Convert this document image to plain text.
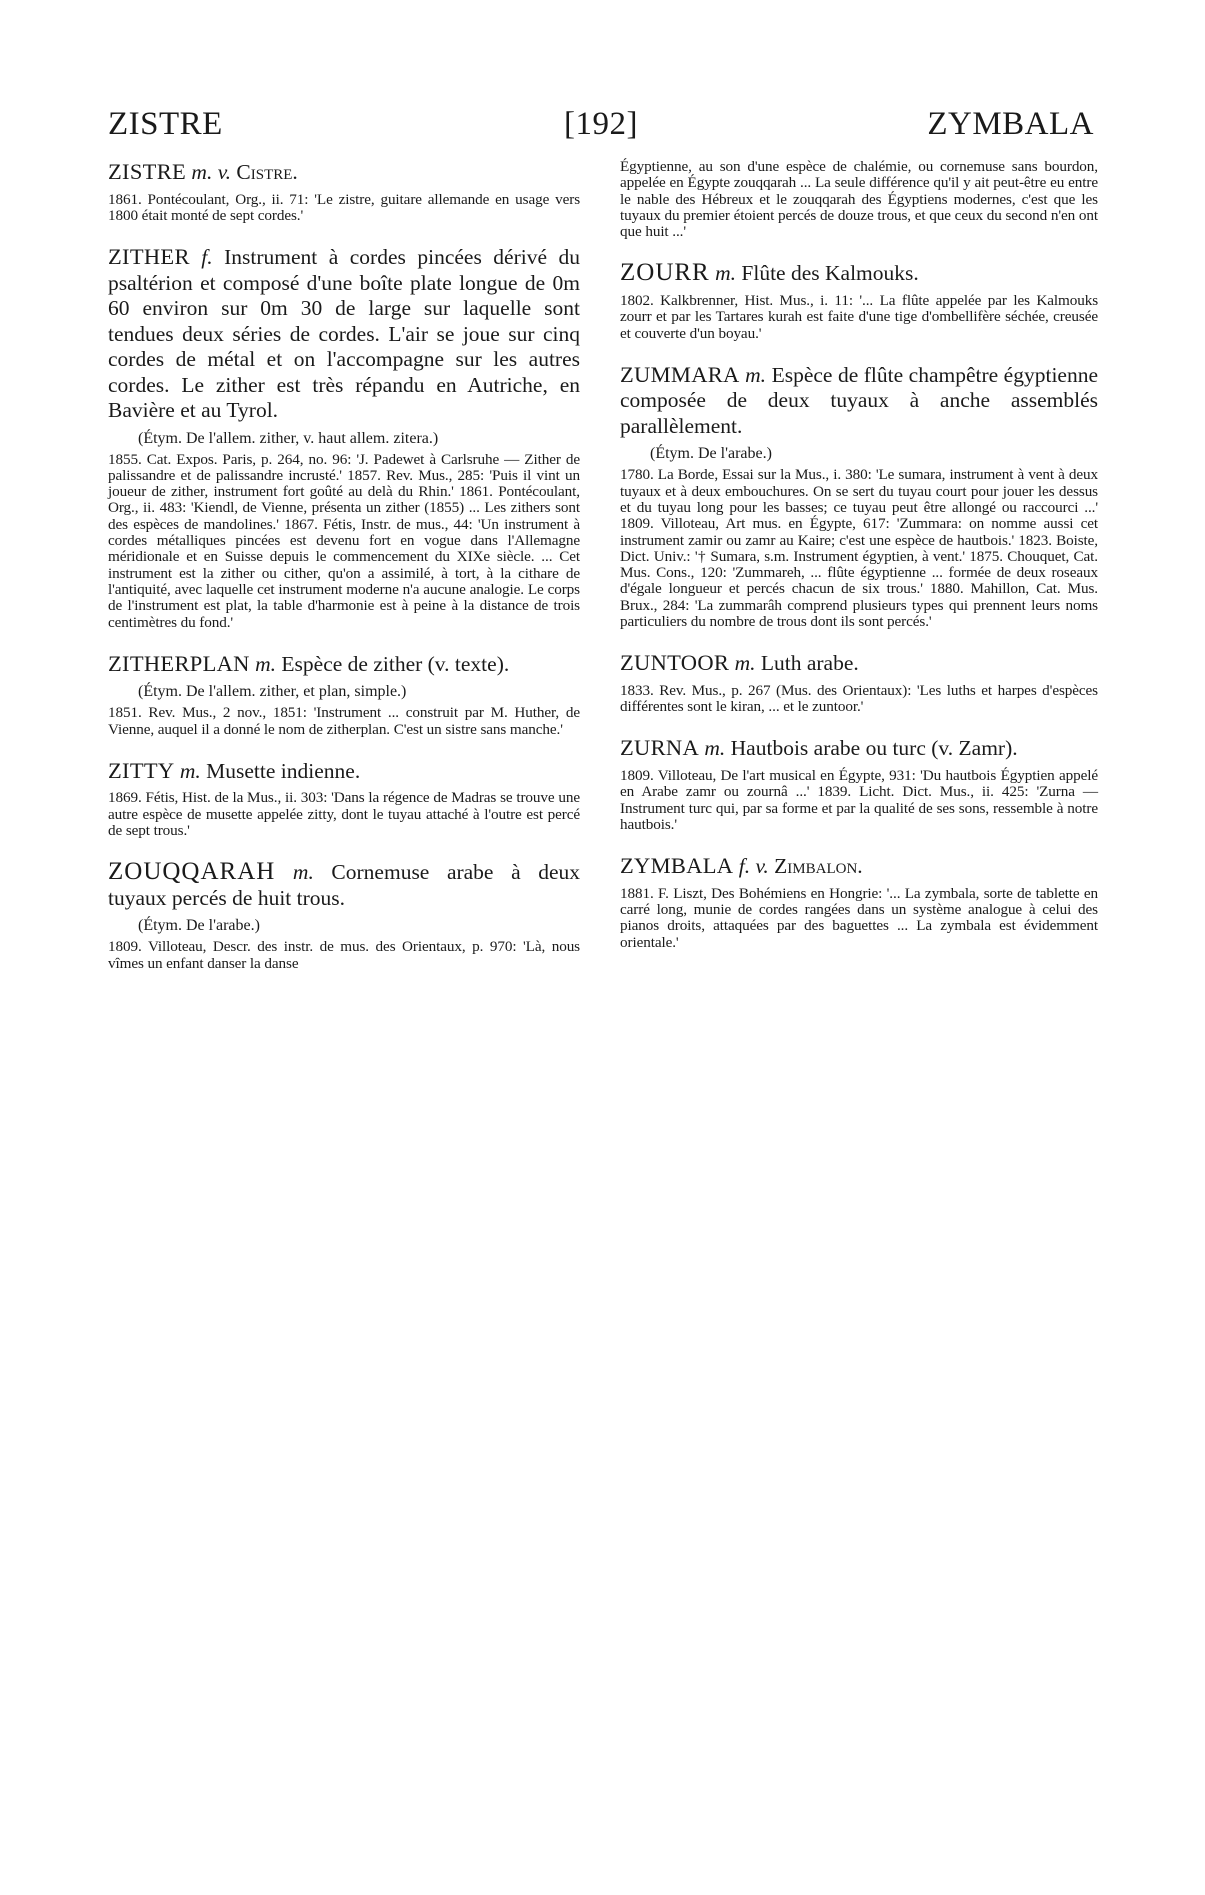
ZISTRE	[192]	ZYMBALA

ZISTRE m. v. Cistre.

1861. Pontécoulant, Org., ii. 71: 'Le zistre, guitare allemande en usage vers 1800 était monté de sept cordes.'

ZITHER f. Instrument à cordes pincées dérivé du psaltérion et composé d'une boîte plate longue de 0m 60 environ sur 0m 30 de large sur laquelle sont tendues deux séries de cordes. L'air se joue sur cinq cordes de métal et on l'accompagne sur les autres cordes. Le zither est très répandu en Autriche, en Bavière et au Tyrol.

(Étym. De l'allem. zither, v. haut allem. zitera.)

1855. Cat. Expos. Paris, p. 264, no. 96: 'J. Padewet à Carlsruhe — Zither de palissandre et de palissandre incrusté.' 1857. Rev. Mus., 285: 'Puis il vint un joueur de zither, instrument fort goûté au delà du Rhin.' 1861. Pontécoulant, Org., ii. 483: 'Kiendl, de Vienne, présenta un zither (1855) ... Les zithers sont des espèces de mandolines.' 1867. Fétis, Instr. de mus., 44: 'Un instrument à cordes métalliques pincées est devenu fort en vogue dans l'Allemagne méridionale et en Suisse depuis le commencement du XIXe siècle. ... Cet instrument est la zither ou cither, qu'on a assimilé, à tort, à la cithare de l'antiquité, avec laquelle cet instrument moderne n'a aucune analogie. Le corps de l'instrument est plat, la table d'harmonie est à peine à la distance de trois centimètres du fond.'

ZITHERPLAN m. Espèce de zither (v. texte).

(Étym. De l'allem. zither, et plan, simple.)

1851. Rev. Mus., 2 nov., 1851: 'Instrument ... construit par M. Huther, de Vienne, auquel il a donné le nom de zitherplan. C'est un sistre sans manche.'

ZITTY m. Musette indienne.

1869. Fétis, Hist. de la Mus., ii. 303: 'Dans la régence de Madras se trouve une autre espèce de musette appelée zitty, dont le tuyau attaché à l'outre est percé de sept trous.'

ZOUQQARAH m. Cornemuse arabe à deux tuyaux percés de huit trous.

(Étym. De l'arabe.)

1809. Villoteau, Descr. des instr. de mus. des Orientaux, p. 970: 'Là, nous vîmes un enfant danser la danse

Égyptienne, au son d'une espèce de chalémie, ou cornemuse sans bourdon, appelée en Égypte zouqqarah ... La seule différence qu'il y ait peut-être eu entre le nable des Hébreux et le zouqqarah des Égyptiens modernes, c'est que les tuyaux du premier étoient percés de douze trous, et que ceux du second n'en ont que huit ...'

ZOURR m. Flûte des Kalmouks.

1802. Kalkbrenner, Hist. Mus., i. 11: '... La flûte appelée par les Kalmouks zourr et par les Tartares kurah est faite d'une tige d'ombellifère séchée, creusée et couverte d'un boyau.'

ZUMMARA m. Espèce de flûte champêtre égyptienne composée de deux tuyaux à anche assemblés parallèlement.

(Étym. De l'arabe.)

1780. La Borde, Essai sur la Mus., i. 380: 'Le sumara, instrument à vent à deux tuyaux et à deux embouchures. On se sert du tuyau court pour jouer les dessus et du tuyau long pour les basses; ce tuyau peut être allongé ou raccourci ...' 1809. Villoteau, Art mus. en Égypte, 617: 'Zummara: on nomme aussi cet instrument zamir ou zamr au Kaire; c'est une espèce de hautbois.' 1823. Boiste, Dict. Univ.: '† Sumara, s.m. Instrument égyptien, à vent.' 1875. Chouquet, Cat. Mus. Cons., 120: 'Zummareh, ... flûte égyptienne ... formée de deux roseaux d'égale longueur et percés chacun de six trous.' 1880. Mahillon, Cat. Mus. Brux., 284: 'La zummarâh comprend plusieurs types qui prennent leurs noms particuliers du nombre de trous dont ils sont percés.'

ZUNTOOR m. Luth arabe.

1833. Rev. Mus., p. 267 (Mus. des Orientaux): 'Les luths et harpes d'espèces différentes sont le kiran, ... et le zuntoor.'

ZURNA m. Hautbois arabe ou turc (v. Zamr).

1809. Villoteau, De l'art musical en Égypte, 931: 'Du hautbois Égyptien appelé en Arabe zamr ou zournâ ...' 1839. Licht. Dict. Mus., ii. 425: 'Zurna — Instrument turc qui, par sa forme et par la qualité de ses sons, ressemble à notre hautbois.'

ZYMBALA f. v. Zimbalon.

1881. F. Liszt, Des Bohémiens en Hongrie: '... La zymbala, sorte de tablette en carré long, munie de cordes rangées dans un système analogue à celui des pianos droits, attaquées par des baguettes ... La zymbala est évidemment orientale.'
